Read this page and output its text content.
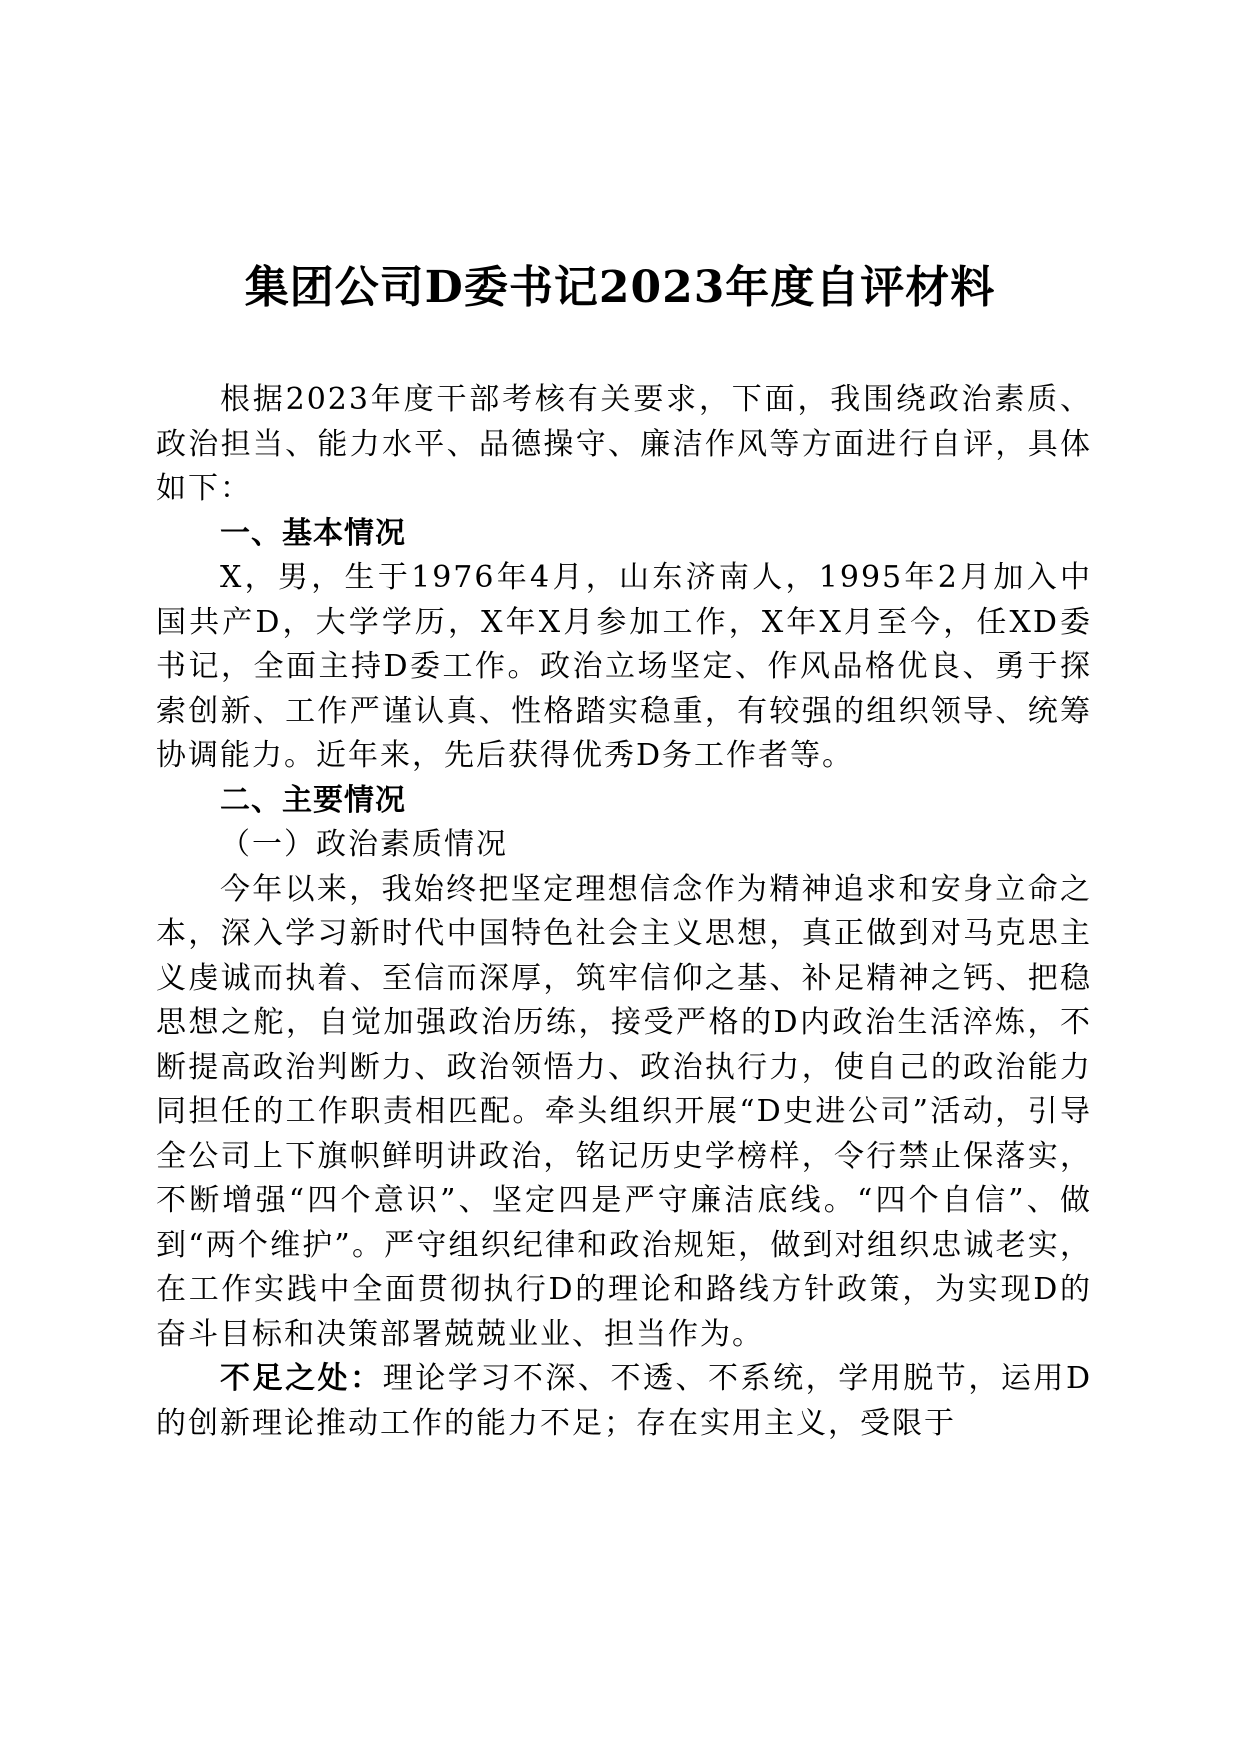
集团公司D委书记2023年度自评材料

根据2023年度干部考核有关要求，下面，我围绕政治素质、政治担当、能力水平、品德操守、廉洁作风等方面进行自评，具体如下：

一、基本情况

X，男，生于1976年4月，山东济南人，1995年2月加入中国共产D，大学学历，X年X月参加工作，X年X月至今，任XD委书记，全面主持D委工作。政治立场坚定、作风品格优良、勇于探索创新、工作严谨认真、性格踏实稳重，有较强的组织领导、统筹协调能力。近年来，先后获得优秀D务工作者等。

二、主要情况

（一）政治素质情况

今年以来，我始终把坚定理想信念作为精神追求和安身立命之本，深入学习新时代中国特色社会主义思想，真正做到对马克思主义虔诚而执着、至信而深厚，筑牢信仰之基、补足精神之钙、把稳思想之舵，自觉加强政治历练，接受严格的D内政治生活淬炼，不断提高政治判断力、政治领悟力、政治执行力，使自己的政治能力同担任的工作职责相匹配。牵头组织开展“D史进公司”活动，引导全公司上下旗帜鲜明讲政治，铭记历史学榜样，令行禁止保落实，不断增强“四个意识”、坚定四是严守廉洁底线。“四个自信”、做到“两个维护”。严守组织纪律和政治规矩，做到对组织忠诚老实，在工作实践中全面贯彻执行D的理论和路线方针政策，为实现D的奋斗目标和决策部署兢兢业业、担当作为。

不足之处：理论学习不深、不透、不系统，学用脱节，运用D的创新理论推动工作的能力不足；存在实用主义，受限于
